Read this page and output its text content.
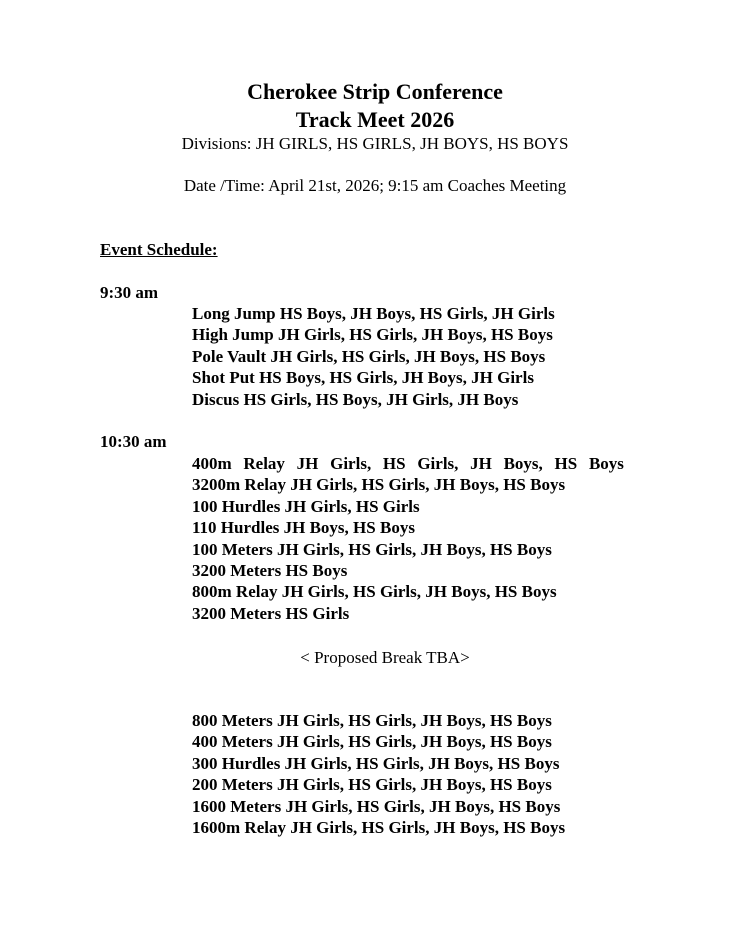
Cherokee Strip Conference
Track Meet 2026

Divisions: JH GIRLS, HS GIRLS, JH BOYS, HS BOYS

Date /Time: April 21st, 2026; 9:15 am Coaches Meeting

Event Schedule:

9:30 am

Long Jump HS Boys, JH Boys, HS Girls, JH Girls
High Jump JH Girls, HS Girls, JH Boys, HS Boys
Pole Vault JH Girls, HS Girls, JH Boys, HS Boys
Shot Put HS Boys, HS Girls, JH Boys, JH Girls
Discus HS Girls, HS Boys, JH Girls, JH Boys

10:30 am

400m Relay JH Girls, HS Girls, JH Boys, HS Boys
3200m Relay JH Girls, HS Girls, JH Boys, HS Boys
100 Hurdles JH Girls, HS Girls
110 Hurdles JH Boys, HS Boys
100 Meters JH Girls, HS Girls, JH Boys, HS Boys
3200 Meters HS Boys
800m Relay JH Girls, HS Girls, JH Boys, HS Boys
3200 Meters HS Girls

< Proposed Break TBA>

800 Meters JH Girls, HS Girls, JH Boys, HS Boys
400 Meters JH Girls, HS Girls, JH Boys, HS Boys
300 Hurdles JH Girls, HS Girls, JH Boys, HS Boys
200 Meters JH Girls, HS Girls, JH Boys, HS Boys
1600 Meters JH Girls, HS Girls, JH Boys, HS Boys
1600m Relay JH Girls, HS Girls, JH Boys, HS Boys
